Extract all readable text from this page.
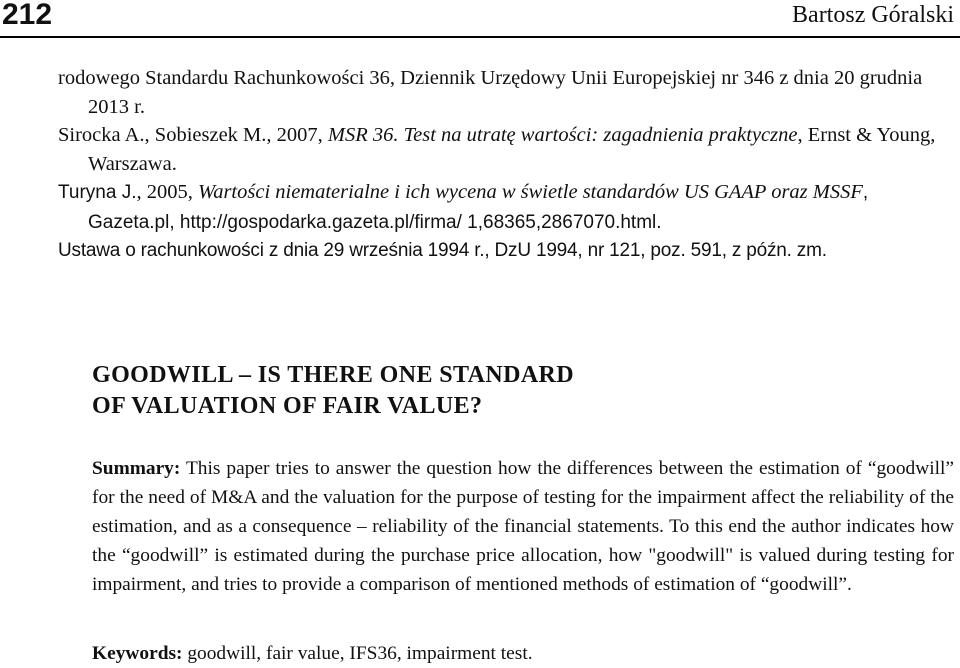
212	Bartosz Góralski
rodowego Standardu Rachunkowości 36, Dziennik Urzędowy Unii Europejskiej nr 346 z dnia 20 grudnia 2013 r.
Sirocka A., Sobieszek M., 2007, MSR 36. Test na utratę wartości: zagadnienia praktyczne, Ernst & Young, Warszawa.
Turyna J., 2005, Wartości niematerialne i ich wycena w świetle standardów US GAAP oraz MSSF, Gazeta.pl, http://gospodarka.gazeta.pl/firma/ 1,68365,2867070.html.
Ustawa o rachunkowości z dnia 29 września 1994 r., DzU 1994, nr 121, poz. 591, z późn. zm.
GOODWILL – IS THERE ONE STANDARD
OF VALUATION OF FAIR VALUE?
Summary: This paper tries to answer the question how the differences between the estimation of “goodwill” for the need of M&A and the valuation for the purpose of testing for the impairment affect the reliability of the estimation, and as a consequence – reliability of the financial statements. To this end the author indicates how the “goodwill” is estimated during the purchase price allocation, how "goodwill" is valued during testing for impairment, and tries to provide a comparison of mentioned methods of estimation of “goodwill”.
Keywords: goodwill, fair value, IFS36, impairment test.
